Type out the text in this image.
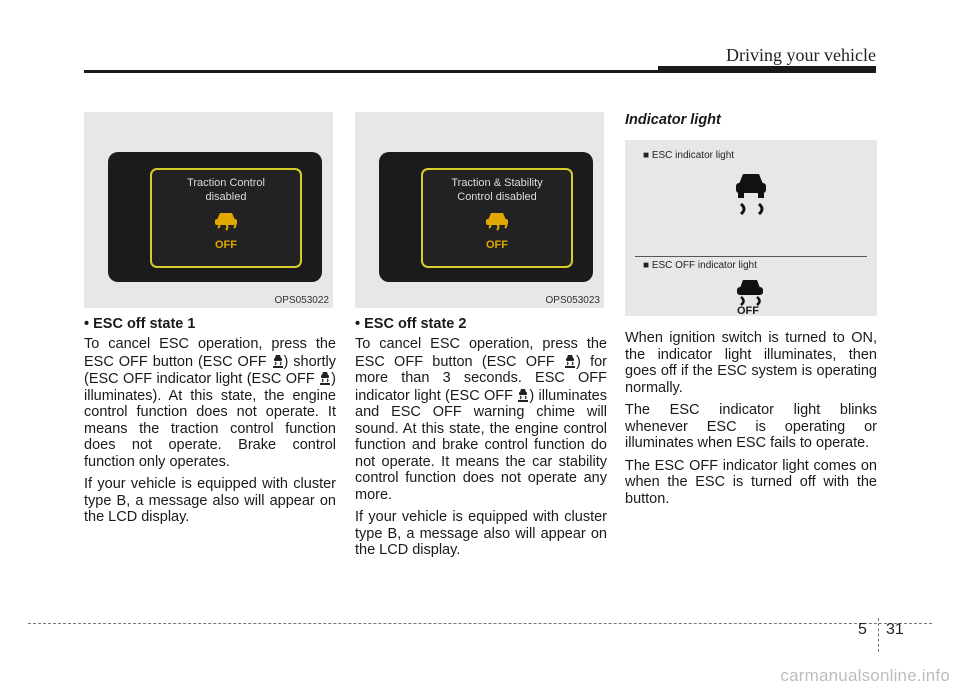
Driving your vehicle
Traction Control
disabled
OFF
OPS053022
• ESC off state 1

To cancel ESC operation, press the ESC OFF button (ESC OFF ) shortly (ESC OFF indicator light (ESC OFF ) illuminates). At this state, the engine control function does not operate. It means the traction control function does not operate. Brake control function only operates.

If your vehicle is equipped with cluster type B, a message also will appear on the LCD display.

Traction & Stability
Control disabled
OFF
OPS053023
• ESC off state 2

To cancel ESC operation, press the ESC OFF button (ESC OFF ) for more than 3 seconds. ESC OFF indicator light (ESC OFF ) illuminates and ESC OFF warning chime will sound. At this state, the engine control function and brake control function do not operate. It means the car stability control function does not operate any more.

If your vehicle is equipped with cluster type B, a message also will appear on the LCD display.

Indicator light
■ ESC indicator light
■ ESC OFF indicator light
OFF

When ignition switch is turned to ON, the indicator light illuminates, then goes off if the ESC system is operating normally.

The ESC indicator light blinks whenever ESC is operating or illuminates when ESC fails to operate.

The ESC OFF indicator light comes on when the ESC is turned off with the button.

5 31
carmanualsonline.info
